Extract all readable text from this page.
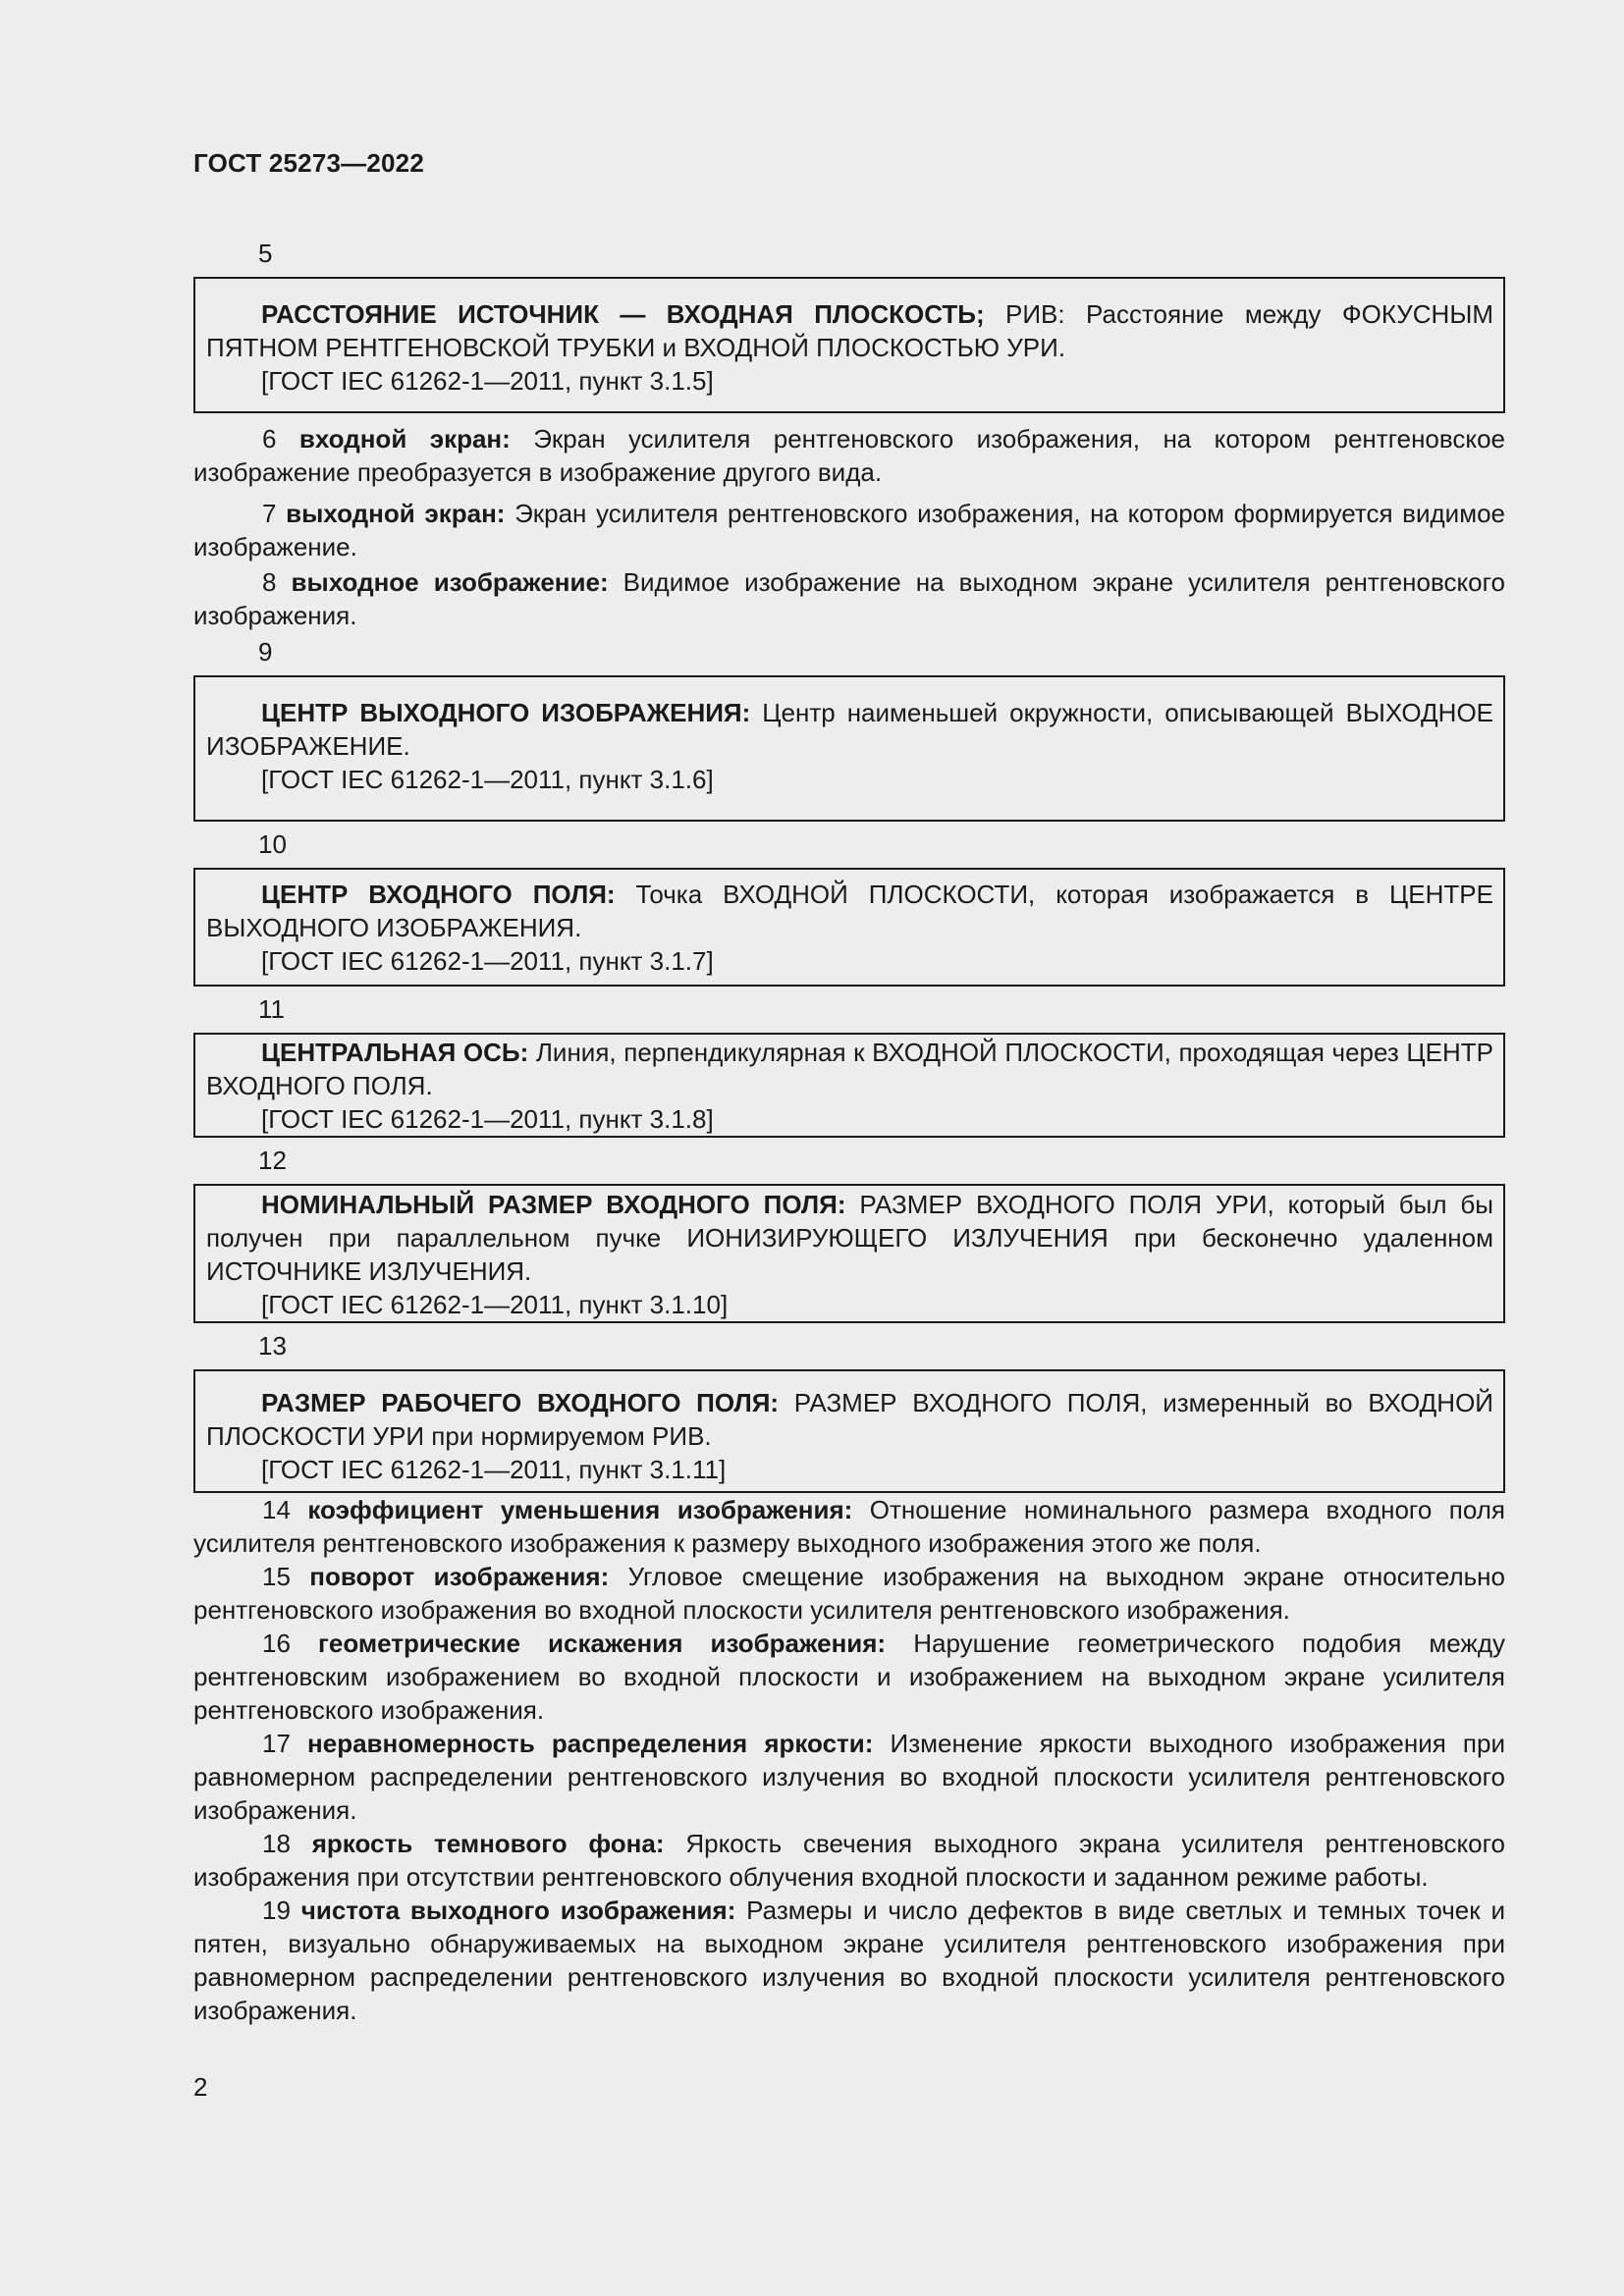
ГОСТ 25273—2022

5

РАССТОЯНИЕ ИСТОЧНИК — ВХОДНАЯ ПЛОСКОСТЬ; РИВ: Расстояние между ФОКУСНЫМ ПЯТНОМ РЕНТГЕНОВСКОЙ ТРУБКИ и ВХОДНОЙ ПЛОСКОСТЬЮ УРИ.

[ГОСТ IEC 61262-1—2011, пункт 3.1.5]

6 входной экран: Экран усилителя рентгеновского изображения, на котором рентгеновское изображение преобразуется в изображение другого вида.

7 выходной экран: Экран усилителя рентгеновского изображения, на котором формируется видимое изображение.

8 выходное изображение: Видимое изображение на выходном экране усилителя рентгеновского изображения.

9

ЦЕНТР ВЫХОДНОГО ИЗОБРАЖЕНИЯ: Центр наименьшей окружности, описывающей ВЫХОДНОЕ ИЗОБРАЖЕНИЕ.

[ГОСТ IEC 61262-1—2011, пункт 3.1.6]

10

ЦЕНТР ВХОДНОГО ПОЛЯ: Точка ВХОДНОЙ ПЛОСКОСТИ, которая изображается в ЦЕНТРЕ ВЫХОДНОГО ИЗОБРАЖЕНИЯ.

[ГОСТ IEC 61262-1—2011, пункт 3.1.7]

11

ЦЕНТРАЛЬНАЯ ОСЬ: Линия, перпендикулярная к ВХОДНОЙ ПЛОСКОСТИ, проходящая через ЦЕНТР ВХОДНОГО ПОЛЯ.

[ГОСТ IEC 61262-1—2011, пункт 3.1.8]

12

НОМИНАЛЬНЫЙ РАЗМЕР ВХОДНОГО ПОЛЯ: РАЗМЕР ВХОДНОГО ПОЛЯ УРИ, который был бы получен при параллельном пучке ИОНИЗИРУЮЩЕГО ИЗЛУЧЕНИЯ при бесконечно удаленном ИСТОЧНИКЕ ИЗЛУЧЕНИЯ.

[ГОСТ IEC 61262-1—2011, пункт 3.1.10]

13

РАЗМЕР РАБОЧЕГО ВХОДНОГО ПОЛЯ: РАЗМЕР ВХОДНОГО ПОЛЯ, измеренный во ВХОДНОЙ ПЛОСКОСТИ УРИ при нормируемом РИВ.

[ГОСТ IEC 61262-1—2011, пункт 3.1.11]

14 коэффициент уменьшения изображения: Отношение номинального размера входного поля усилителя рентгеновского изображения к размеру выходного изображения этого же поля.

15 поворот изображения: Угловое смещение изображения на выходном экране относительно рентгеновского изображения во входной плоскости усилителя рентгеновского изображения.

16 геометрические искажения изображения: Нарушение геометрического подобия между рентгеновским изображением во входной плоскости и изображением на выходном экране усилителя рентгеновского изображения.

17 неравномерность распределения яркости: Изменение яркости выходного изображения при равномерном распределении рентгеновского излучения во входной плоскости усилителя рентгеновского изображения.

18 яркость темнового фона: Яркость свечения выходного экрана усилителя рентгеновского изображения при отсутствии рентгеновского облучения входной плоскости и заданном режиме работы.

19 чистота выходного изображения: Размеры и число дефектов в виде светлых и темных точек и пятен, визуально обнаруживаемых на выходном экране усилителя рентгеновского изображения при равномерном распределении рентгеновского излучения во входной плоскости усилителя рентгеновского изображения.

2
